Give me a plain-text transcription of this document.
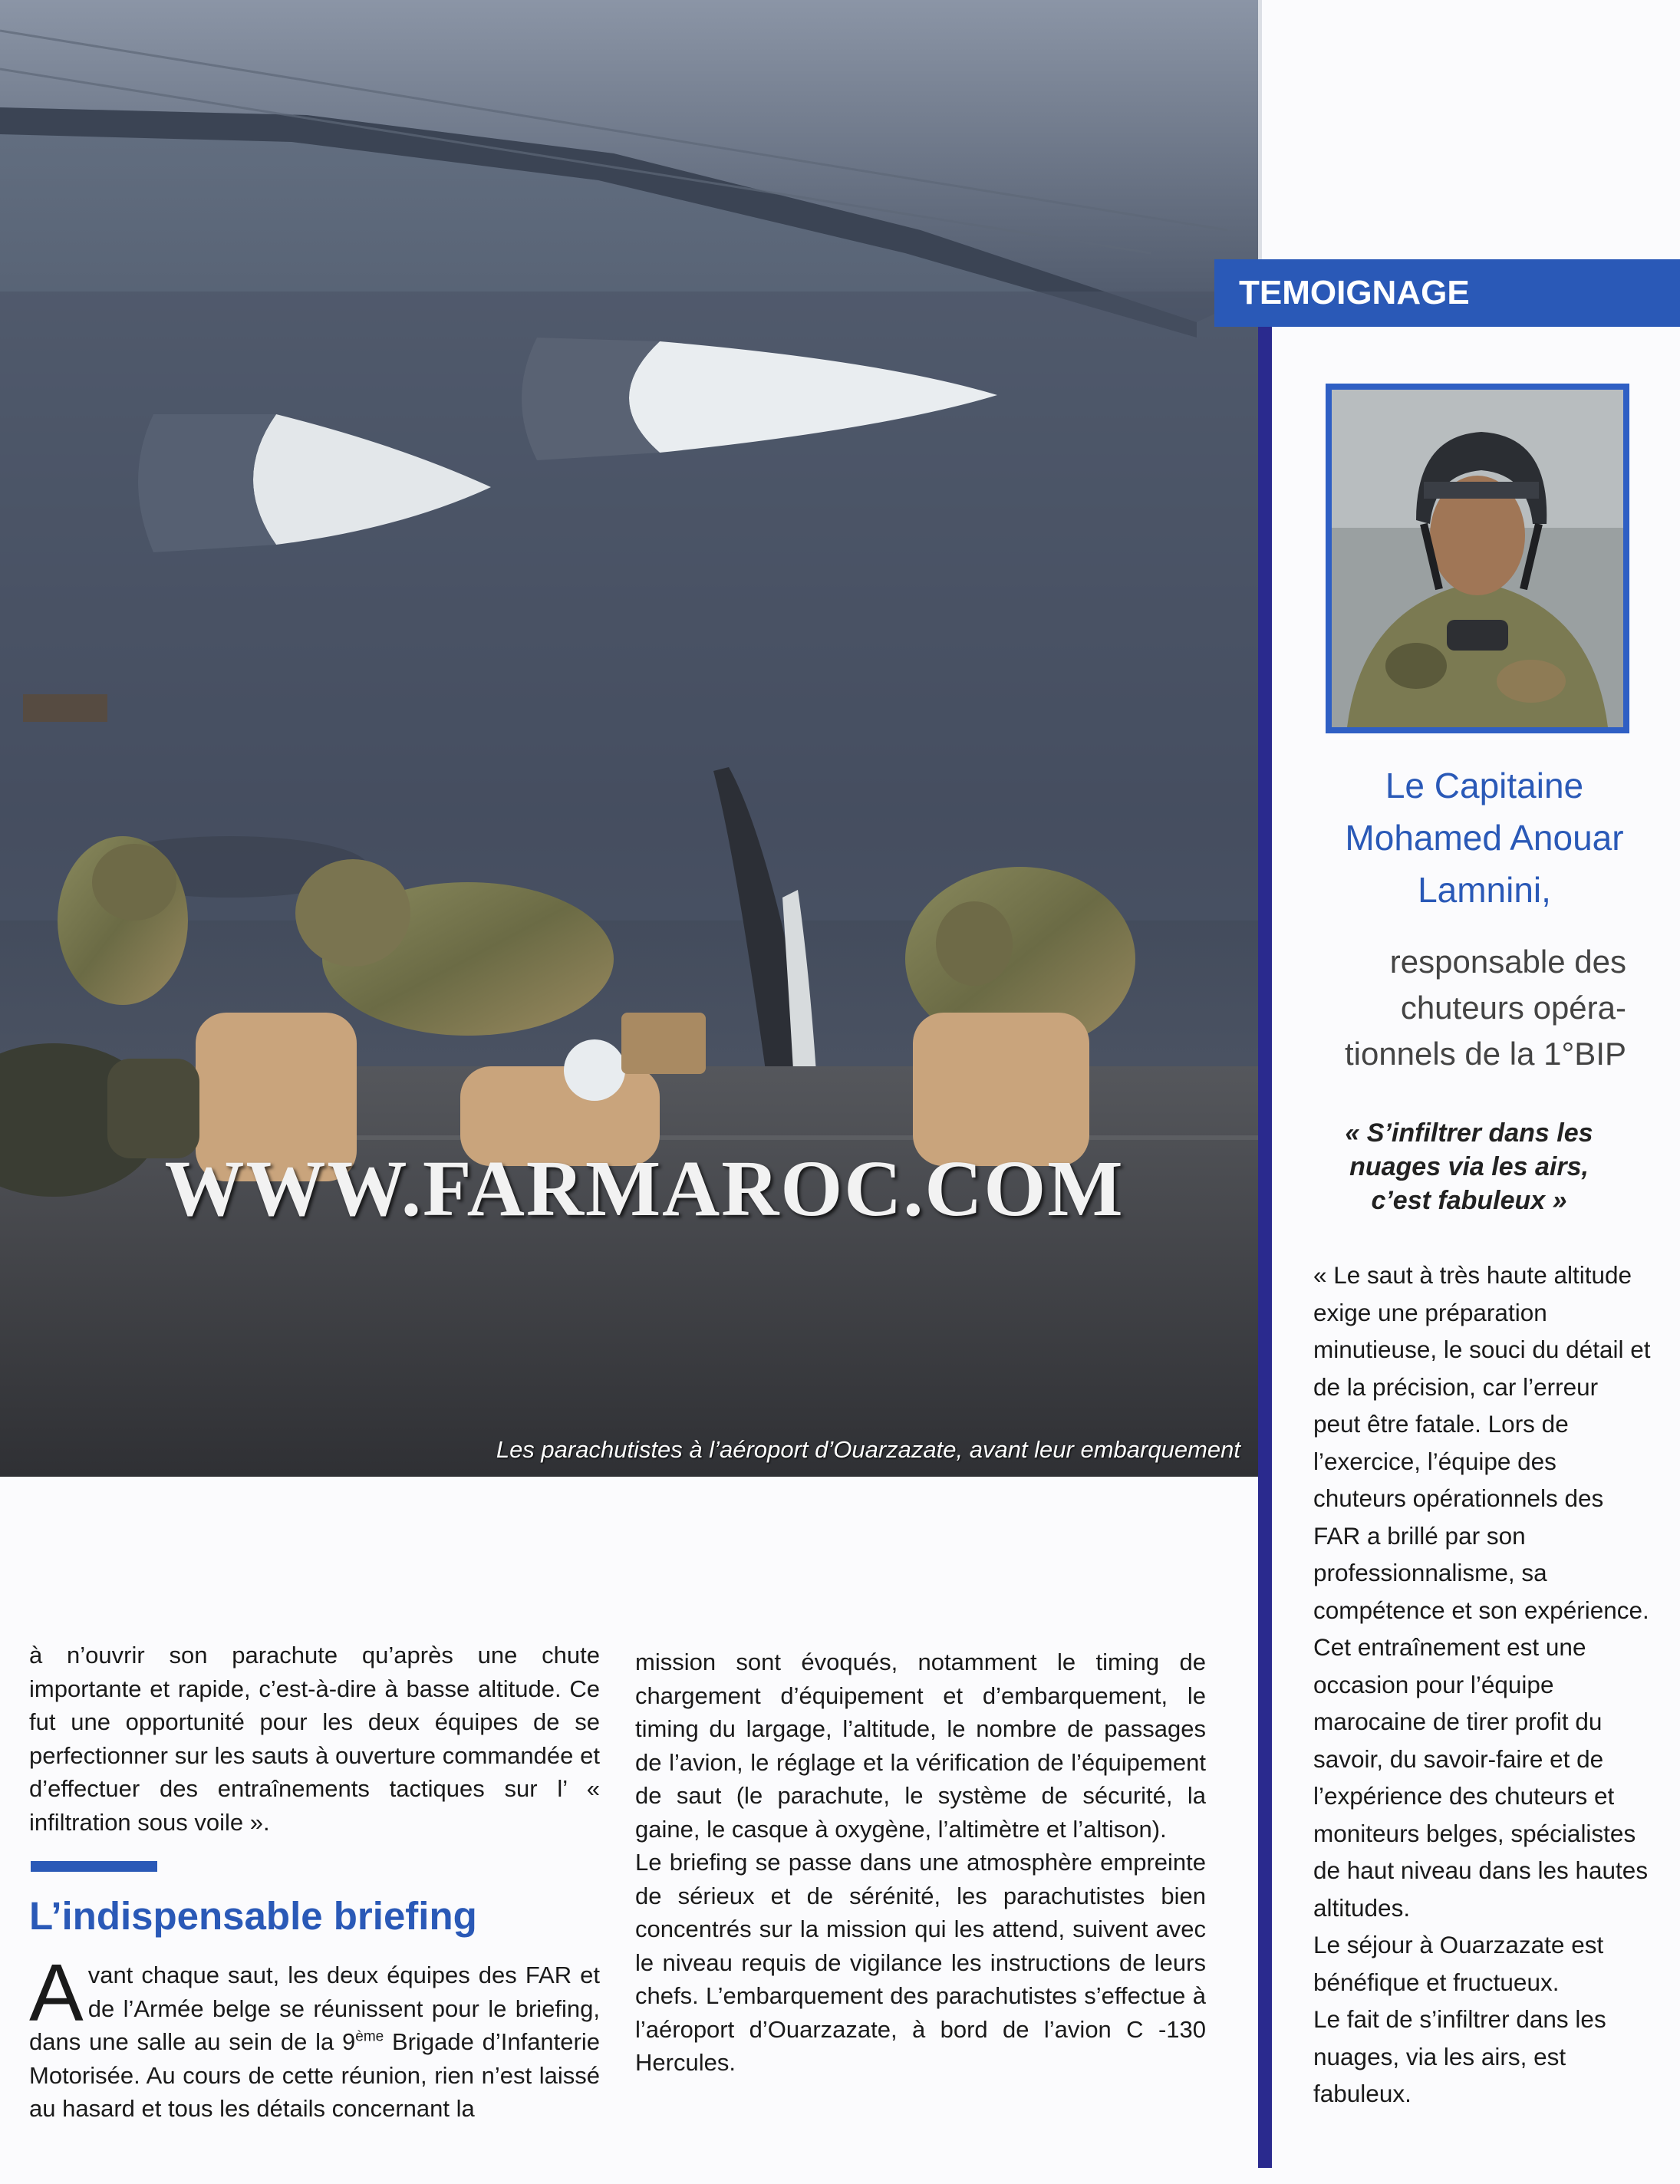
WWW.FARMAROC.COM
Les parachutistes à l’aéroport d’Ouarzazate, avant leur embarquement
TEMOIGNAGE
Le Capitaine
Mohamed Anouar
Lamnini,
responsable des
chuteurs opéra-
tionnels de la 1°BIP
« S’infiltrer dans les
nuages via les airs,
c’est fabuleux »

« Le saut à très haute altitude exige une préparation minutieuse, le souci du détail et de la précision, car l’erreur peut être fatale. Lors de l’exercice, l’équipe des chuteurs opérationnels des FAR a brillé par son professionnalisme, sa compétence et son expérience.

Cet entraînement est une occasion pour l’équipe marocaine de tirer profit du savoir, du savoir-faire et de l’expérience des chuteurs et moniteurs belges, spécialistes de haut niveau dans les hautes altitudes.

Le séjour à Ouarzazate est bénéfique et fructueux.

Le fait de s’infiltrer dans les nuages, via les airs, est fabuleux.

à n’ouvrir son parachute qu’après une chute importante et rapide, c’est-à-dire à basse altitude. Ce fut une opportunité pour les deux équipes de se perfectionner sur les sauts à ouverture commandée et d’effectuer des entraînements tactiques sur l’ « infiltration sous voile ».

L’indispensable briefing

Avant chaque saut, les deux équipes des FAR et de l’Armée belge se réunissent pour le briefing, dans une salle au sein de la 9ème Brigade d’Infanterie Motorisée. Au cours de cette réunion, rien n’est laissé au hasard et tous les détails concernant la

mission sont évoqués, notamment le timing de chargement d’équipement et d’embarquement, le timing du largage, l’altitude, le nombre de passages de l’avion, le réglage et la vérification de l’équipement de saut (le parachute, le système de sécurité, la gaine, le casque à oxygène, l’altimètre et l’altison).

Le briefing se passe dans une atmosphère empreinte de sérieux et de sérénité, les parachutistes bien concentrés sur la mission qui les attend, suivent avec le niveau requis de vigilance les instructions de leurs chefs. L’embarquement des parachutistes s’effectue à l’aéroport d’Ouarzazate, à bord de l’avion C -130 Hercules.
